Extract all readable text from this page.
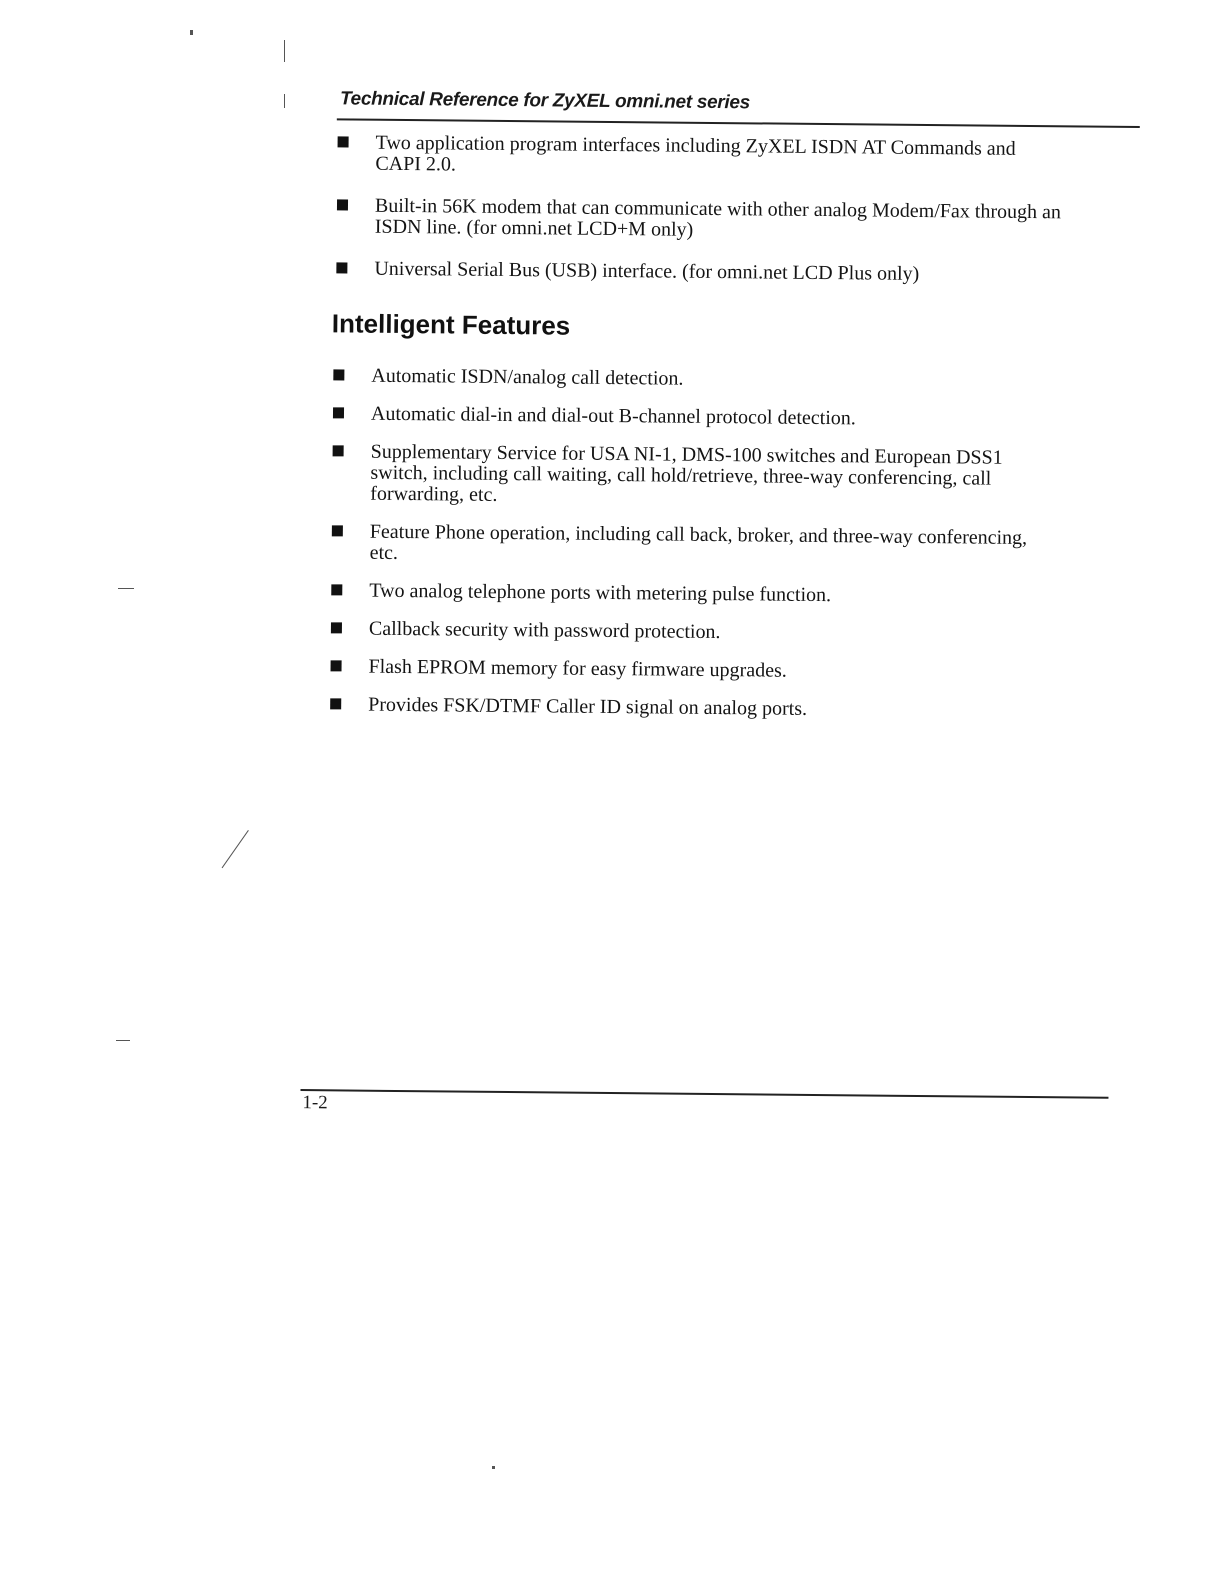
Technical Reference for ZyXEL omni.net series
Two application program interfaces including ZyXEL ISDN AT Commands and CAPI 2.0.
Built-in 56K modem that can communicate with other analog Modem/Fax through an ISDN line. (for omni.net LCD+M only)
Universal Serial Bus (USB) interface. (for omni.net LCD Plus only)
Intelligent Features
Automatic ISDN/analog call detection.
Automatic dial-in and dial-out B-channel protocol detection.
Supplementary Service for USA NI-1, DMS-100 switches and European DSS1 switch, including call waiting, call hold/retrieve, three-way conferencing, call forwarding, etc.
Feature Phone operation, including call back, broker, and three-way conferencing, etc.
Two analog telephone ports with metering pulse function.
Callback security with password protection.
Flash EPROM memory for easy firmware upgrades.
Provides FSK/DTMF Caller ID signal on analog ports.
1-2
